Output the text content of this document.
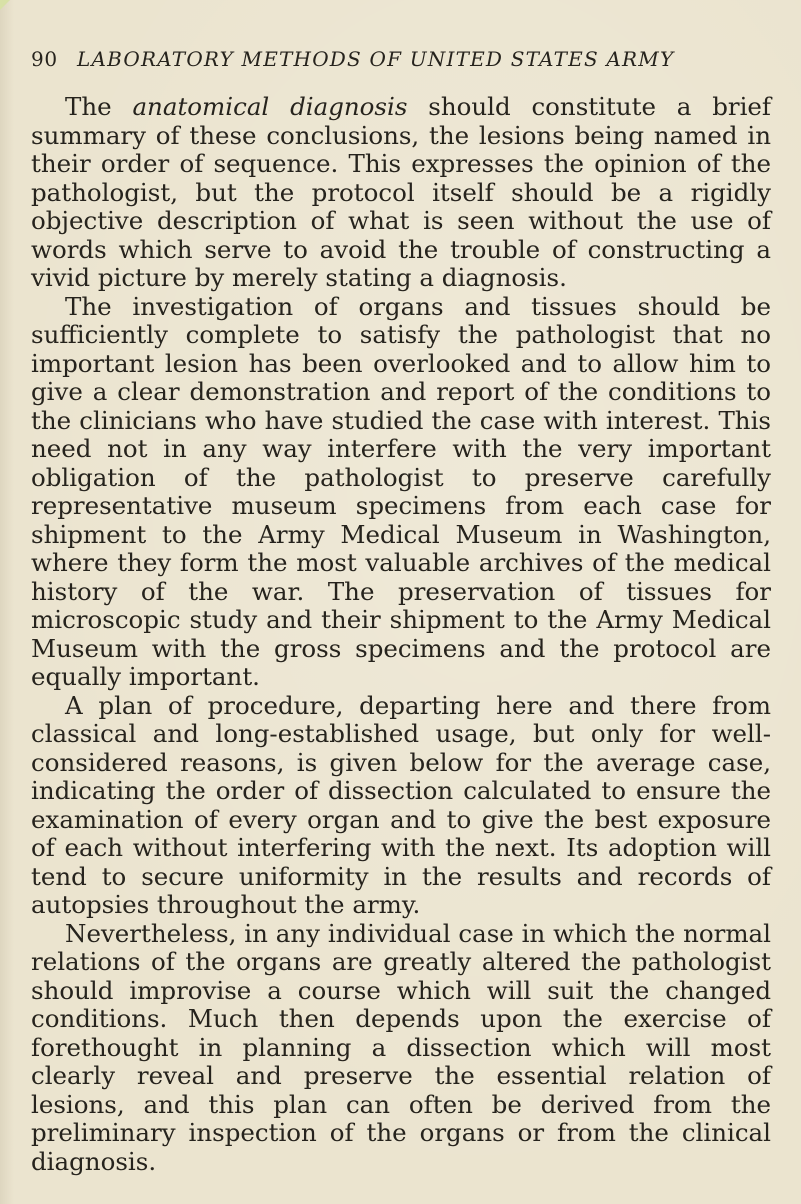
90 LABORATORY METHODS OF UNITED STATES ARMY

The anatomical diagnosis should constitute a brief summary of these conclusions, the lesions being named in their order of sequence. This expresses the opinion of the pathologist, but the protocol itself should be a rigidly objective description of what is seen without the use of words which serve to avoid the trouble of constructing a vivid picture by merely stating a diagnosis.

The investigation of organs and tissues should be sufficiently complete to satisfy the pathologist that no important lesion has been overlooked and to allow him to give a clear demonstration and report of the conditions to the clinicians who have studied the case with interest. This need not in any way interfere with the very important obligation of the pathologist to preserve carefully representative museum specimens from each case for shipment to the Army Medical Museum in Washington, where they form the most valuable archives of the medical history of the war. The preservation of tissues for microscopic study and their shipment to the Army Medical Museum with the gross specimens and the protocol are equally important.

A plan of procedure, departing here and there from classical and long-established usage, but only for well-considered reasons, is given below for the average case, indicating the order of dissection calculated to ensure the examination of every organ and to give the best exposure of each without interfering with the next. Its adoption will tend to secure uniformity in the results and records of autopsies throughout the army.

Nevertheless, in any individual case in which the normal relations of the organs are greatly altered the pathologist should improvise a course which will suit the changed conditions. Much then depends upon the exercise of forethought in planning a dissection which will most clearly reveal and preserve the essential relation of lesions, and this plan can often be derived from the preliminary inspection of the organs or from the clinical diagnosis.
